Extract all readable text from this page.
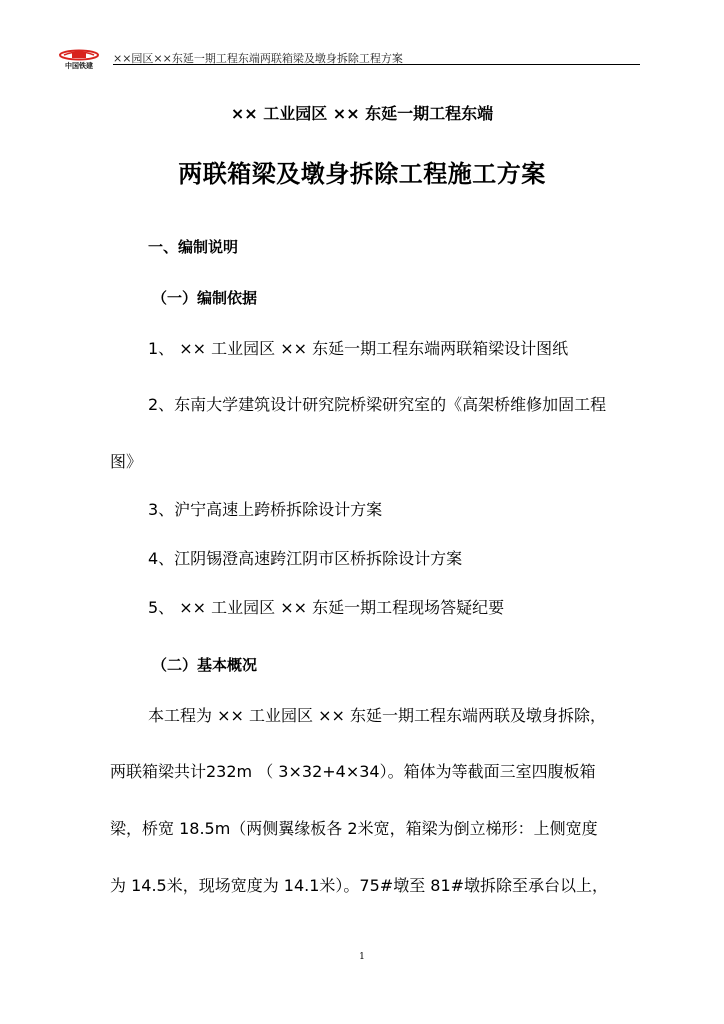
中国铁建
××园区××东延一期工程东端两联箱梁及墩身拆除工程方案
×× 工业园区 ×× 东延一期工程东端
两联箱梁及墩身拆除工程施工方案
一、编制说明
（一）编制依据
1、 ×× 工业园区 ×× 东延一期工程东端两联箱梁设计图纸
2、东南大学建筑设计研究院桥梁研究室的《高架桥维修加固工程
图》
3、沪宁高速上跨桥拆除设计方案
4、江阴锡澄高速跨江阴市区桥拆除设计方案
5、 ×× 工业园区 ×× 东延一期工程现场答疑纪要
（二）基本概况
本工程为 ×× 工业园区 ×× 东延一期工程东端两联及墩身拆除，
两联箱梁共计232m （ 3×32+4×34）。箱体为等截面三室四腹板箱
梁，桥宽 18.5m（两侧翼缘板各 2米宽，箱梁为倒立梯形：上侧宽度
为 14.5米，现场宽度为 14.1米）。75#墩至 81#墩拆除至承台以上，
1
